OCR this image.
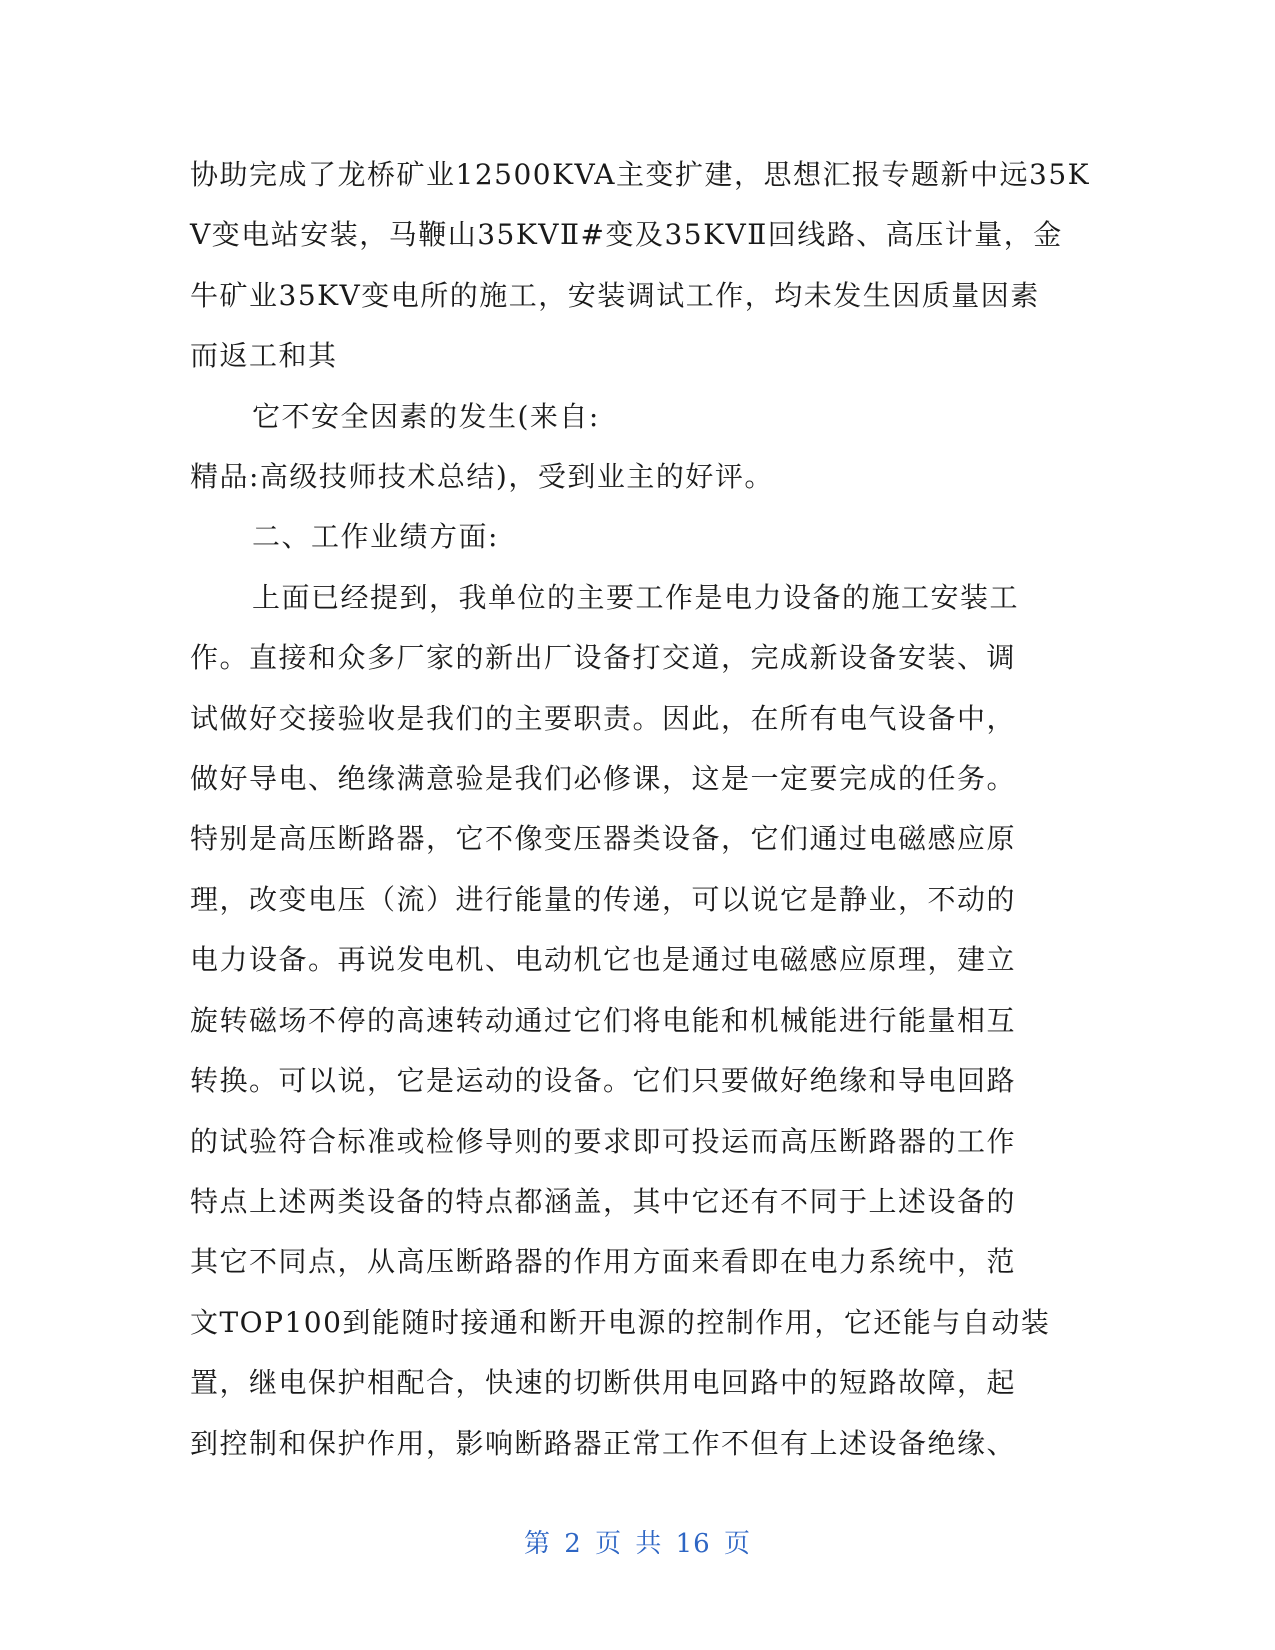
协助完成了龙桥矿业12500KVA主变扩建，思想汇报专题新中远35K
V变电站安装，马鞭山35KVⅡ#变及35KVⅡ回线路、高压计量，金
牛矿业35KV变电所的施工，安装调试工作，均未发生因质量因素
而返工和其
它不安全因素的发生(来自:
精品:高级技师技术总结)，受到业主的好评。
二、工作业绩方面:
上面已经提到，我单位的主要工作是电力设备的施工安装工
作。直接和众多厂家的新出厂设备打交道，完成新设备安装、调
试做好交接验收是我们的主要职责。因此，在所有电气设备中，
做好导电、绝缘满意验是我们必修课，这是一定要完成的任务。
特别是高压断路器，它不像变压器类设备，它们通过电磁感应原
理，改变电压（流）进行能量的传递，可以说它是静业，不动的
电力设备。再说发电机、电动机它也是通过电磁感应原理，建立
旋转磁场不停的高速转动通过它们将电能和机械能进行能量相互
转换。可以说，它是运动的设备。它们只要做好绝缘和导电回路
的试验符合标准或检修导则的要求即可投运而高压断路器的工作
特点上述两类设备的特点都涵盖，其中它还有不同于上述设备的
其它不同点，从高压断路器的作用方面来看即在电力系统中，范
文TOP100到能随时接通和断开电源的控制作用，它还能与自动装
置，继电保护相配合，快速的切断供用电回路中的短路故障，起
到控制和保护作用，影响断路器正常工作不但有上述设备绝缘、
第 2 页 共 16 页
